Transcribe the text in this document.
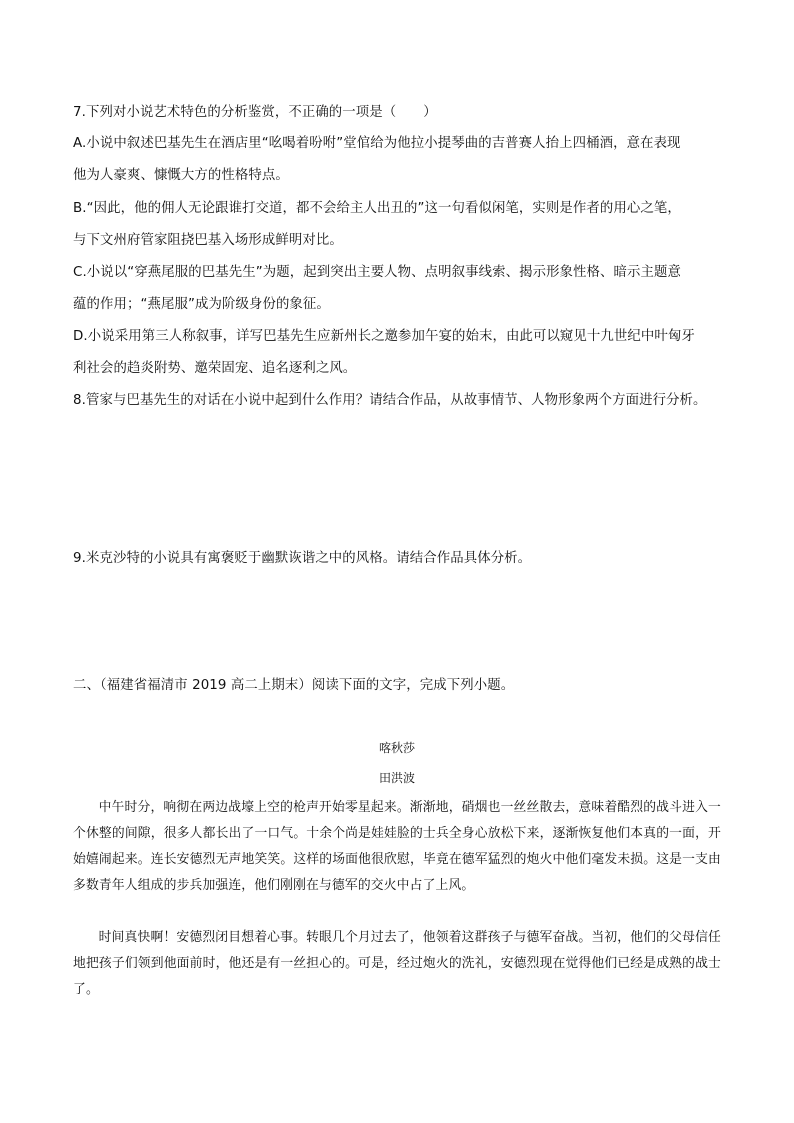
7.下列对小说艺术特色的分析鉴赏，不正确的一项是（　　）
A.小说中叙述巴基先生在酒店里“吆喝着吩咐”堂倌给为他拉小提琴曲的吉普赛人抬上四桶酒，意在表现
他为人豪爽、慷慨大方的性格特点。
B.“因此，他的佣人无论跟谁打交道，都不会给主人出丑的”这一句看似闲笔，实则是作者的用心之笔，
与下文州府管家阻挠巴基入场形成鲜明对比。
C.小说以“穿燕尾服的巴基先生”为题，起到突出主要人物、点明叙事线索、揭示形象性格、暗示主题意
蕴的作用；“燕尾服”成为阶级身份的象征。
D.小说采用第三人称叙事，详写巴基先生应新州长之邀参加午宴的始末，由此可以窥见十九世纪中叶匈牙
利社会的趋炎附势、邀荣固宠、追名逐利之风。
8.管家与巴基先生的对话在小说中起到什么作用？请结合作品，从故事情节、人物形象两个方面进行分析。
9.米克沙特的小说具有寓褒贬于幽默诙谐之中的风格。请结合作品具体分析。
二、（福建省福清市 2019 高二上期末）阅读下面的文字，完成下列小题。
喀秋莎
田洪波
中午时分，响彻在两边战壕上空的枪声开始零星起来。渐渐地，硝烟也一丝丝散去，意味着酷烈的战斗进入一个休整的间隙，很多人都长出了一口气。十余个尚是娃娃脸的士兵全身心放松下来，逐渐恢复他们本真的一面，开始嬉闹起来。连长安德烈无声地笑笑。这样的场面他很欣慰，毕竟在德军猛烈的炮火中他们毫发未损。这是一支由多数青年人组成的步兵加强连，他们刚刚在与德军的交火中占了上风。
时间真快啊！安德烈闭目想着心事。转眼几个月过去了，他领着这群孩子与德军奋战。当初，他们的父母信任地把孩子们领到他面前时，他还是有一丝担心的。可是，经过炮火的洗礼，安德烈现在觉得他们已经是成熟的战士了。
